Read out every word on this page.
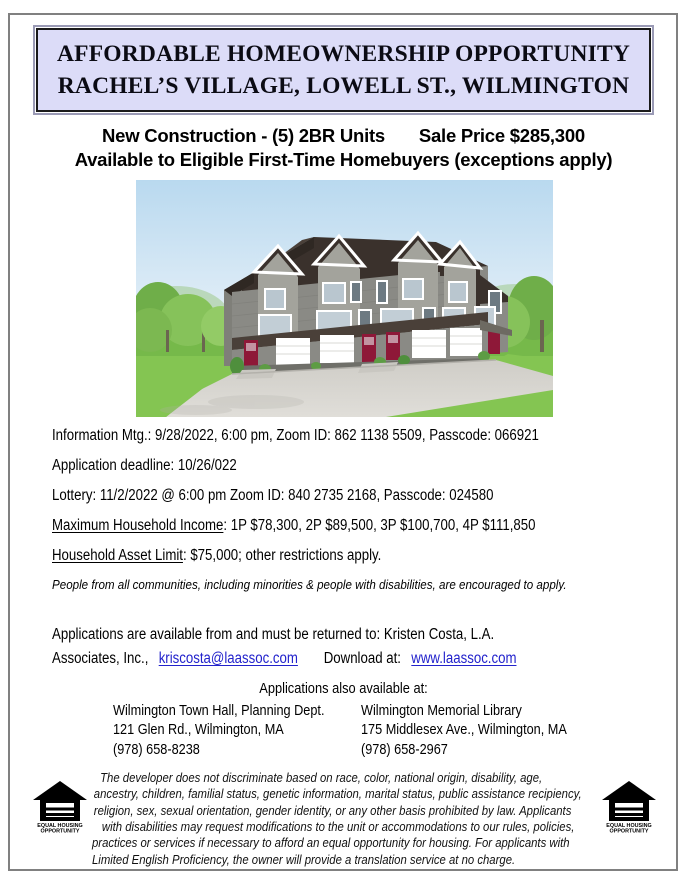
AFFORDABLE HOMEOWNERSHIP OPPORTUNITY
RACHEL’S VILLAGE, LOWELL ST., WILMINGTON
New Construction - (5) 2BR Units Sale Price $285,300
Available to Eligible First-Time Homebuyers (exceptions apply)
Information Mtg.: 9/28/2022, 6:00 pm, Zoom ID: 862 1138 5509, Passcode: 066921
Application deadline: 10/26/022
Lottery: 11/2/2022 @ 6:00 pm Zoom ID: 840 2735 2168, Passcode: 024580
Maximum Household Income: 1P $78,300, 2P $89,500, 3P $100,700, 4P $111,850
Household Asset Limit: $75,000; other restrictions apply.
People from all communities, including minorities & people with disabilities, are encouraged to apply.
Applications are available from and must be returned to: Kristen Costa, L.A.
Associates, Inc., kriscosta@laassoc.com Download at: www.laassoc.com
Applications also available at:
Wilmington Town Hall, Planning Dept.
121 Glen Rd., Wilmington, MA
(978) 658-8238
Wilmington Memorial Library
175 Middlesex Ave., Wilmington, MA
(978) 658-2967
The developer does not discriminate based on race, color, national origin, disability, age,
ancestry, children, familial status, genetic information, marital status, public assistance recipiency,
religion, sex, sexual orientation, gender identity, or any other basis prohibited by law. Applicants
with disabilities may request modifications to the unit or accommodations to our rules, policies,
practices or services if necessary to afford an equal opportunity for housing. For applicants with
Limited English Proficiency, the owner will provide a translation service at no charge.
EQUAL HOUSING
OPPORTUNITY
EQUAL HOUSING
OPPORTUNITY
